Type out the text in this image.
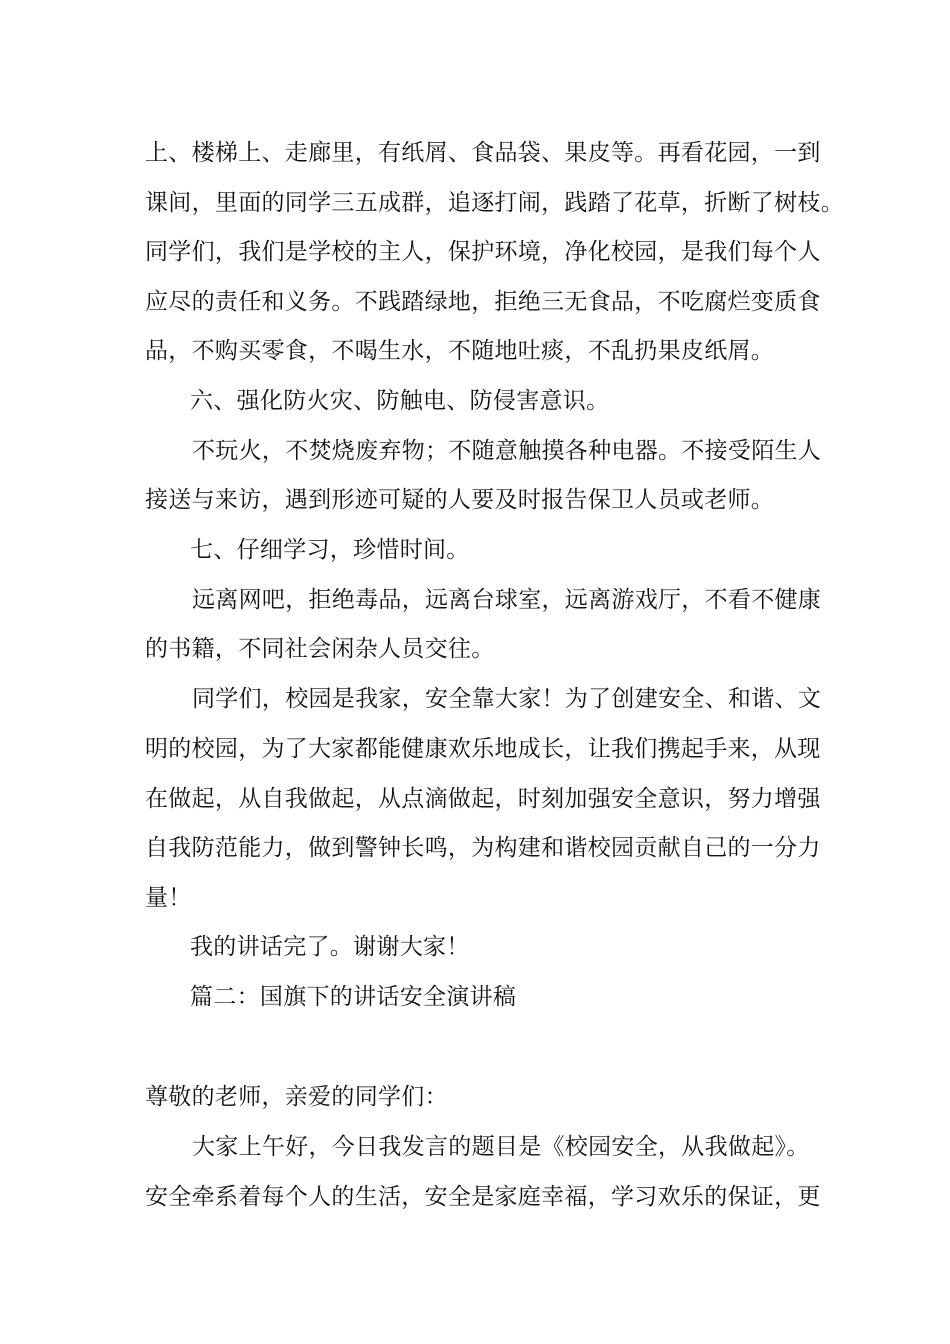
上、楼梯上、走廊里，有纸屑、食品袋、果皮等。再看花园，一到
课间，里面的同学三五成群，追逐打闹，践踏了花草，折断了树枝。
同学们，我们是学校的主人，保护环境，净化校园，是我们每个人
应尽的责任和义务。不践踏绿地，拒绝三无食品，不吃腐烂变质食
品，不购买零食，不喝生水，不随地吐痰，不乱扔果皮纸屑。
六、强化防火灾、防触电、防侵害意识。
不玩火，不焚烧废弃物；不随意触摸各种电器。不接受陌生人
接送与来访，遇到形迹可疑的人要及时报告保卫人员或老师。
七、仔细学习，珍惜时间。
远离网吧，拒绝毒品，远离台球室，远离游戏厅，不看不健康
的书籍，不同社会闲杂人员交往。
同学们，校园是我家，安全靠大家！为了创建安全、和谐、文
明的校园，为了大家都能健康欢乐地成长，让我们携起手来，从现
在做起，从自我做起，从点滴做起，时刻加强安全意识，努力增强
自我防范能力，做到警钟长鸣，为构建和谐校园贡献自己的一分力
量！
我的讲话完了。谢谢大家！
篇二：国旗下的讲话安全演讲稿
尊敬的老师，亲爱的同学们：
大家上午好，今日我发言的题目是《校园安全，从我做起》。
安全牵系着每个人的生活，安全是家庭幸福，学习欢乐的保证，更
